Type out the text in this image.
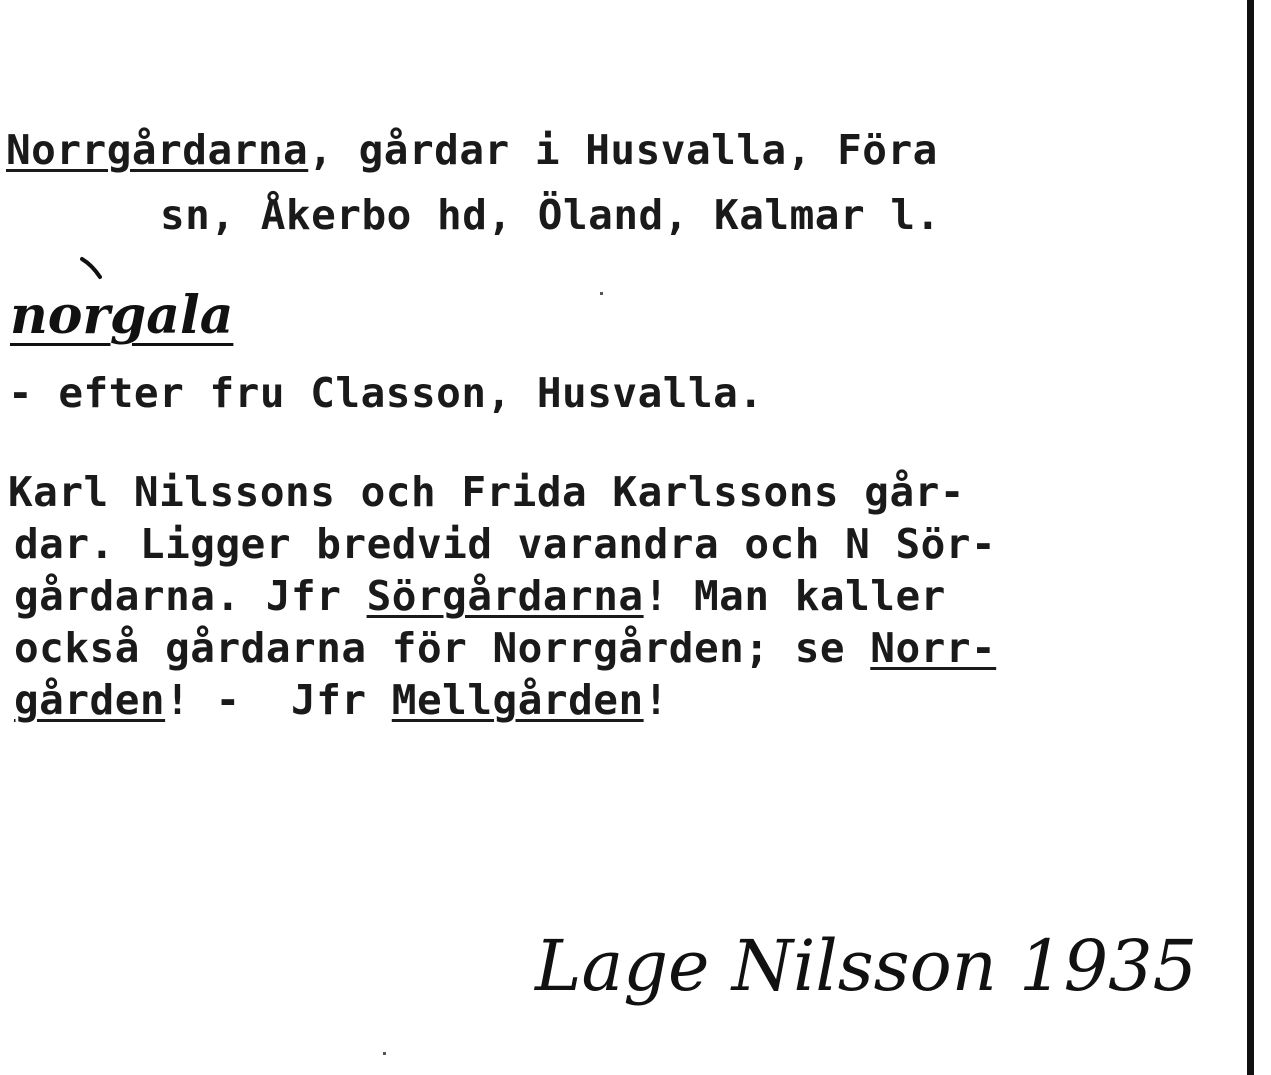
Norrgårdarna, gårdar i Husvalla, Föra
sn, Åkerbo hd, Öland, Kalmar l.
norgala
- efter fru Classon, Husvalla.
Karl Nilssons och Frida Karlssons går-
dar. Ligger bredvid varandra och N Sör-
gårdarna. Jfr Sörgårdarna! Man kaller
också gårdarna för Norrgården; se Norr-
gården! -  Jfr Mellgården!
Lage Nilsson 1935
